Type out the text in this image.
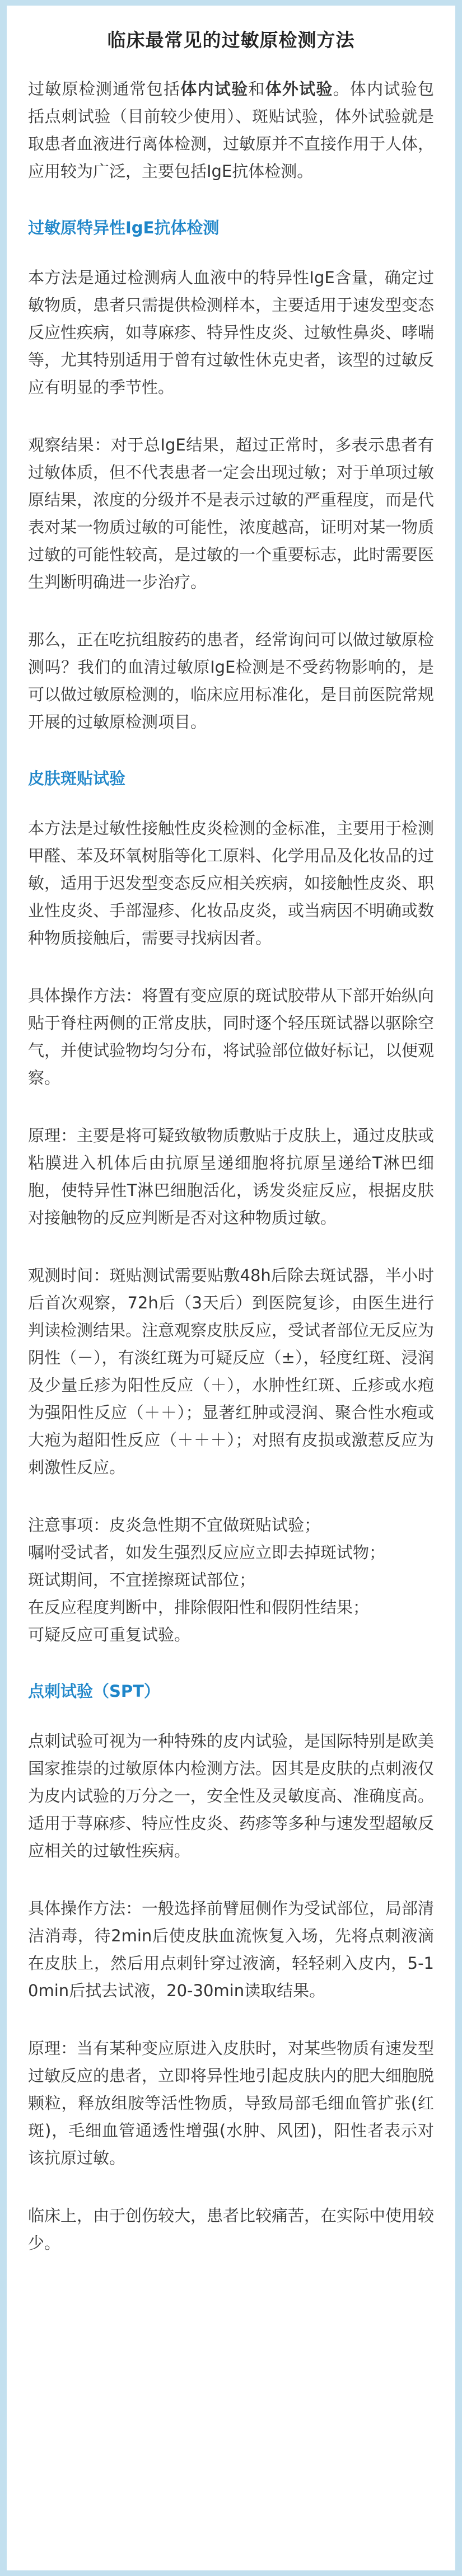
临床最常见的过敏原检测方法

过敏原检测通常包括体内试验和体外试验。体内试验包括点刺试验（目前较少使用）、斑贴试验，体外试验就是取患者血液进行离体检测，过敏原并不直接作用于人体，应用较为广泛，主要包括IgE抗体检测。

过敏原特异性IgE抗体检测

本方法是通过检测病人血液中的特异性IgE含量，确定过敏物质，患者只需提供检测样本，主要适用于速发型变态反应性疾病，如荨麻疹、特异性皮炎、过敏性鼻炎、哮喘等，尤其特别适用于曾有过敏性休克史者，该型的过敏反应有明显的季节性。

观察结果：对于总IgE结果，超过正常时，多表示患者有过敏体质，但不代表患者一定会出现过敏；对于单项过敏原结果，浓度的分级并不是表示过敏的严重程度，而是代表对某一物质过敏的可能性，浓度越高，证明对某一物质过敏的可能性较高，是过敏的一个重要标志，此时需要医生判断明确进一步治疗。

那么，正在吃抗组胺药的患者，经常询问可以做过敏原检测吗？我们的血清过敏原IgE检测是不受药物影响的，是可以做过敏原检测的，临床应用标准化，是目前医院常规开展的过敏原检测项目。

皮肤斑贴试验

本方法是过敏性接触性皮炎检测的金标准，主要用于检测甲醛、苯及环氧树脂等化工原料、化学用品及化妆品的过敏，适用于迟发型变态反应相关疾病，如接触性皮炎、职业性皮炎、手部湿疹、化妆品皮炎，或当病因不明确或数种物质接触后，需要寻找病因者。

具体操作方法：将置有变应原的斑试胶带从下部开始纵向贴于脊柱两侧的正常皮肤，同时逐个轻压斑试器以驱除空气，并使试验物均匀分布，将试验部位做好标记，以便观察。

原理：主要是将可疑致敏物质敷贴于皮肤上，通过皮肤或粘膜进入机体后由抗原呈递细胞将抗原呈递给T淋巴细胞，使特异性T淋巴细胞活化，诱发炎症反应，根据皮肤对接触物的反应判断是否对这种物质过敏。

观测时间：斑贴测试需要贴敷48h后除去斑试器，半小时后首次观察，72h后（3天后）到医院复诊，由医生进行判读检测结果。注意观察皮肤反应，受试者部位无反应为阴性（－），有淡红斑为可疑反应（±），轻度红斑、浸润及少量丘疹为阳性反应（＋），水肿性红斑、丘疹或水疱为强阳性反应（＋＋）；显著红肿或浸润、聚合性水疱或大疱为超阳性反应（＋＋＋）；对照有皮损或激惹反应为刺激性反应。

注意事项：皮炎急性期不宜做斑贴试验；

嘱咐受试者，如发生强烈反应应立即去掉斑试物；

斑试期间，不宜搓擦斑试部位；

在反应程度判断中，排除假阳性和假阴性结果；

可疑反应可重复试验。

点刺试验（SPT）

点刺试验可视为一种特殊的皮内试验，是国际特别是欧美国家推崇的过敏原体内检测方法。因其是皮肤的点刺液仅为皮内试验的万分之一，安全性及灵敏度高、准确度高。适用于荨麻疹、特应性皮炎、药疹等多种与速发型超敏反应相关的过敏性疾病。

具体操作方法：一般选择前臂屈侧作为受试部位，局部清洁消毒，待2min后使皮肤血流恢复入场，先将点刺液滴在皮肤上，然后用点刺针穿过液滴，轻轻刺入皮内，5-10min后拭去试液，20-30min读取结果。

原理：当有某种变应原进入皮肤时，对某些物质有速发型过敏反应的患者，立即将异性地引起皮肤内的肥大细胞脱颗粒，释放组胺等活性物质，导致局部毛细血管扩张(红斑)，毛细血管通透性增强(水肿、风团)，阳性者表示对该抗原过敏。

临床上，由于创伤较大，患者比较痛苦，在实际中使用较少。
